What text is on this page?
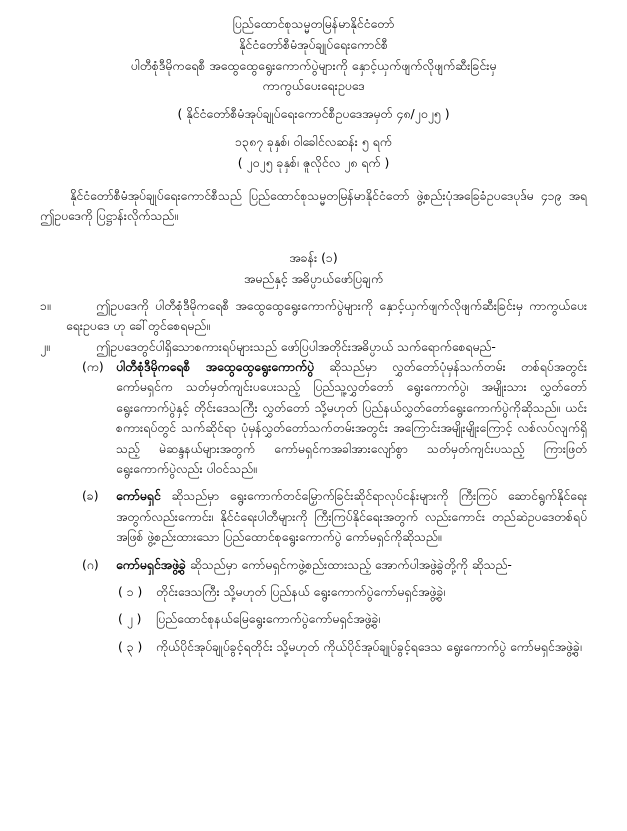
ပြည်ထောင်စုသမ္မတမြန်မာနိုင်ငံတော်
နိုင်ငံတော်စီမံအုပ်ချုပ်ရေးကောင်စီ
ပါတီစုံဒီမိုကရေစီ အထွေထွေရွေးကောက်ပွဲများကို နှောင့်ယှက်ဖျက်လိုဖျက်ဆီးခြင်းမှ
ကာကွယ်ပေးရေးဥပဒေ
( နိုင်ငံတော်စီမံအုပ်ချုပ်ရေးကောင်စီဥပဒေအမှတ် ၄၈/၂၀၂၅ )
၁၃၈၇ ခုနှစ်၊ ဝါခေါင်လဆန်း ၅ ရက်
( ၂၀၂၅ ခုနှစ်၊ ဇူလိုင်လ ၂၈ ရက် )
နိုင်ငံတော်စီမံအုပ်ချုပ်ရေးကောင်စီသည် ပြည်ထောင်စုသမ္မတမြန်မာနိုင်ငံတော် ဖွဲ့စည်းပုံအခြေခံဥပဒေပုဒ်မ ၄၁၉ အရ ဤဥပဒေကို ပြဋ္ဌာန်းလိုက်သည်။
အခန်း (၁)
အမည်နှင့် အဓိပ္ပာယ်ဖော်ပြချက်
၁။	ဤဥပဒေကို ပါတီစုံဒီမိုကရေစီ အထွေထွေရွေးကောက်ပွဲများကို နှောင့်ယှက်ဖျက်လိုဖျက်ဆီးခြင်းမှ ကာကွယ်ပေးရေးဥပဒေ ဟု ခေါ်တွင်စေရမည်။
၂။	ဤဥပဒေတွင်ပါရှိသောစကားရပ်များသည် ဖော်ပြပါအတိုင်းအဓိပ္ပာယ် သက်ရောက်စေရမည်-
(က)	ပါတီစုံဒီမိုကရေစီ အထွေထွေရွေးကောက်ပွဲ ဆိုသည်မှာ လွှတ်တော်ပုံမှန်သက်တမ်း တစ်ရပ်အတွင်း ကော်မရှင်က သတ်မှတ်ကျင်းပပေးသည့် ပြည်သူ့လွှတ်တော် ရွေးကောက်ပွဲ၊ အမျိုးသား လွှတ်တော်ရွေးကောက်ပွဲနှင့် တိုင်းဒေသကြီး လွှတ်တော် သို့မဟုတ် ပြည်နယ်လွှတ်တော်ရွေးကောက်ပွဲကိုဆိုသည်။ ယင်းစကားရပ်တွင် သက်ဆိုင်ရာ ပုံမှန်လွှတ်တော်သက်တမ်းအတွင်း အကြောင်းအမျိုးမျိုးကြောင့် လစ်လပ်လျက်ရှိသည့် မဲဆန္ဒနယ်များအတွက် ကော်မရှင်ကအခါအားလျော်စွာ သတ်မှတ်ကျင်းပသည့် ကြားဖြတ် ရွေးကောက်ပွဲလည်း ပါဝင်သည်။
(ခ)	ကော်မရှင် ဆိုသည်မှာ ရွေးကောက်တင်မြှောက်ခြင်းဆိုင်ရာလုပ်ငန်းများကို ကြီးကြပ် ဆောင်ရွက်နိုင်ရေးအတွက်လည်းကောင်း၊ နိုင်ငံရေးပါတီများကို ကြီးကြပ်နိုင်ရေးအတွက် လည်းကောင်း တည်ဆဲဥပဒေတစ်ရပ်အဖြစ် ဖွဲ့စည်းထားသော ပြည်ထောင်စုရွေးကောက်ပွဲ ကော်မရှင်ကိုဆိုသည်။
(ဂ)	ကော်မရှင်အဖွဲ့ခွဲ ဆိုသည်မှာ ကော်မရှင်ကဖွဲ့စည်းထားသည့် အောက်ပါအဖွဲ့ခွဲတို့ကို ဆိုသည်-
( ၁ )	တိုင်းဒေသကြီး သို့မဟုတ် ပြည်နယ် ရွေးကောက်ပွဲကော်မရှင်အဖွဲ့ခွဲ၊
( ၂ )	ပြည်ထောင်စုနယ်မြေရွေးကောက်ပွဲကော်မရှင်အဖွဲ့ခွဲ၊
( ၃ )	ကိုယ်ပိုင်အုပ်ချုပ်ခွင့်ရတိုင်း သို့မဟုတ် ကိုယ်ပိုင်အုပ်ချုပ်ခွင့်ရဒေသ ရွေးကောက်ပွဲ ကော်မရှင်အဖွဲ့ခွဲ၊
